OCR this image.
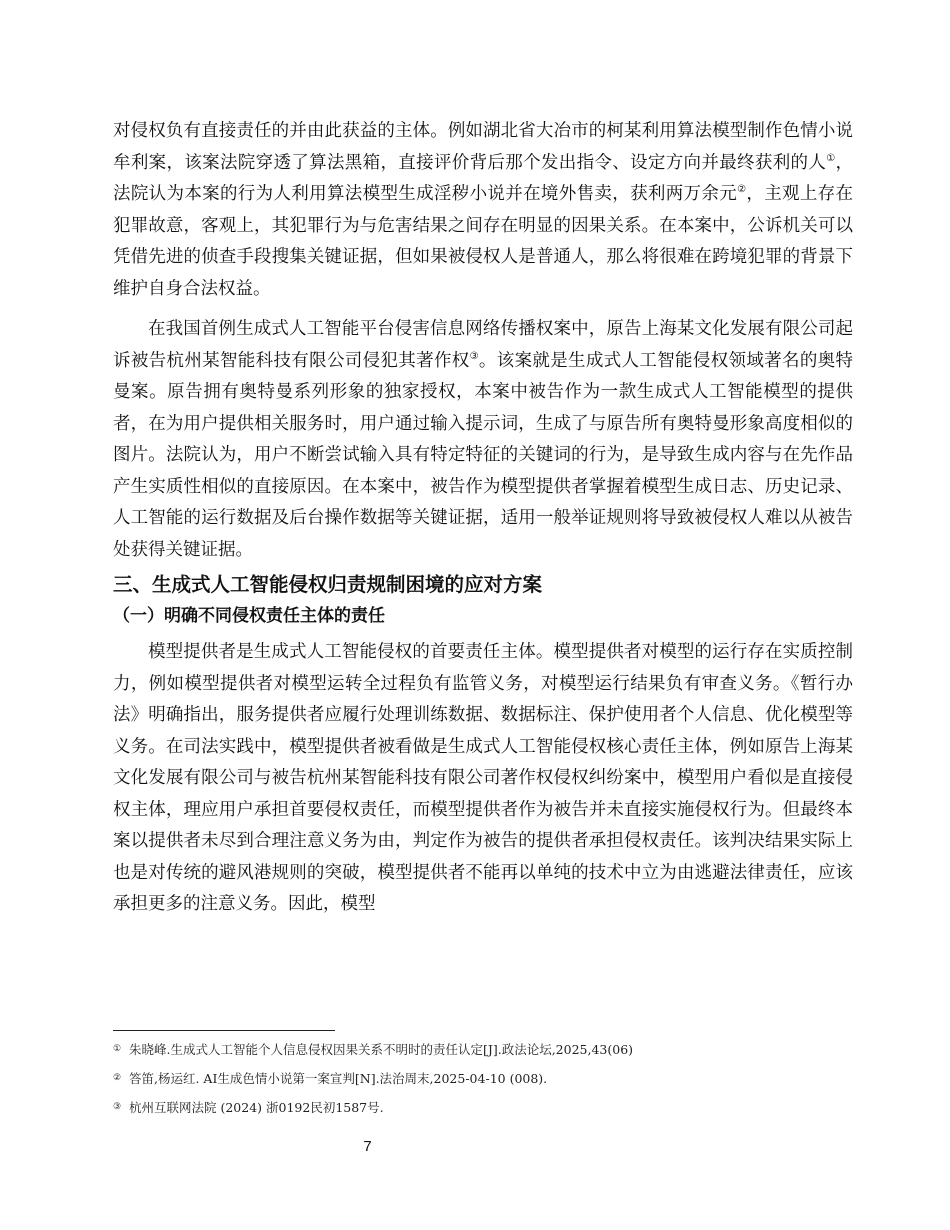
对侵权负有直接责任的并由此获益的主体。例如湖北省大冶市的柯某利用算法模型制作色情小说牟利案，该案法院穿透了算法黑箱，直接评价背后那个发出指令、设定方向并最终获利的人①，法院认为本案的行为人利用算法模型生成淫秽小说并在境外售卖，获利两万余元②，主观上存在犯罪故意，客观上，其犯罪行为与危害结果之间存在明显的因果关系。在本案中，公诉机关可以凭借先进的侦查手段搜集关键证据，但如果被侵权人是普通人，那么将很难在跨境犯罪的背景下维护自身合法权益。

在我国首例生成式人工智能平台侵害信息网络传播权案中，原告上海某文化发展有限公司起诉被告杭州某智能科技有限公司侵犯其著作权③。该案就是生成式人工智能侵权领域著名的奥特曼案。原告拥有奥特曼系列形象的独家授权，本案中被告作为一款生成式人工智能模型的提供者，在为用户提供相关服务时，用户通过输入提示词，生成了与原告所有奥特曼形象高度相似的图片。法院认为，用户不断尝试输入具有特定特征的关键词的行为，是导致生成内容与在先作品产生实质性相似的直接原因。在本案中，被告作为模型提供者掌握着模型生成日志、历史记录、人工智能的运行数据及后台操作数据等关键证据，适用一般举证规则将导致被侵权人难以从被告处获得关键证据。

三、生成式人工智能侵权归责规制困境的应对方案
（一）明确不同侵权责任主体的责任

模型提供者是生成式人工智能侵权的首要责任主体。模型提供者对模型的运行存在实质控制力，例如模型提供者对模型运转全过程负有监管义务，对模型运行结果负有审查义务。《暂行办法》明确指出，服务提供者应履行处理训练数据、数据标注、保护使用者个人信息、优化模型等义务。在司法实践中，模型提供者被看做是生成式人工智能侵权核心责任主体，例如原告上海某文化发展有限公司与被告杭州某智能科技有限公司著作权侵权纠纷案中，模型用户看似是直接侵权主体，理应用户承担首要侵权责任，而模型提供者作为被告并未直接实施侵权行为。但最终本案以提供者未尽到合理注意义务为由，判定作为被告的提供者承担侵权责任。该判决结果实际上也是对传统的避风港规则的突破，模型提供者不能再以单纯的技术中立为由逃避法律责任，应该承担更多的注意义务。因此，模型

① 朱晓峰.生成式人工智能个人信息侵权因果关系不明时的责任认定[J].政法论坛,2025,43(06)
② 答笛,杨运红. AI生成色情小说第一案宣判[N].法治周末,2025-04-10 (008).
③ 杭州互联网法院 (2024) 浙0192民初1587号.
7
